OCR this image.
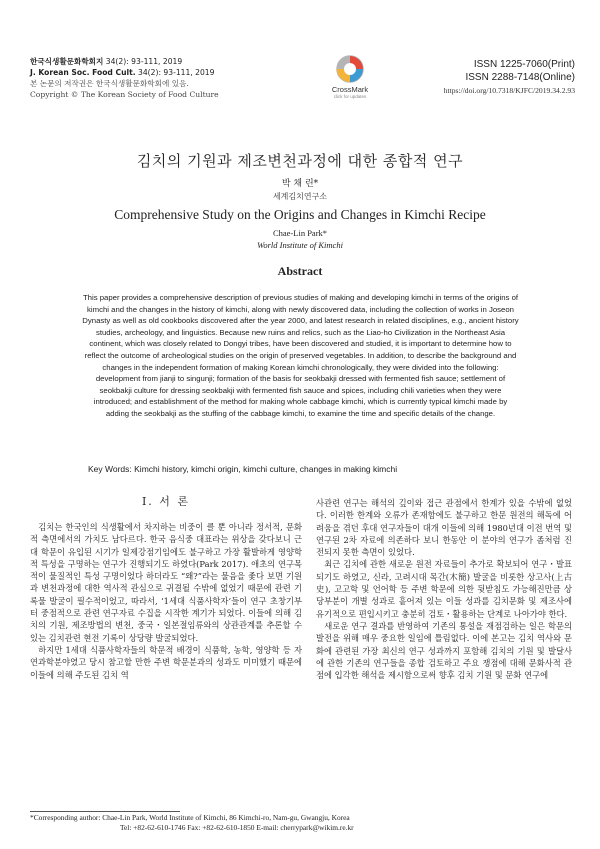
한국식생활문화학회지 34(2): 93-111, 2019
J. Korean Soc. Food Cult. 34(2): 93-111, 2019
본 논문의 저작권은 한국식생활문화학회에 있음.
Copyright © The Korean Society of Food Culture
CrossMark
click for updates
ISSN 1225-7060(Print)
ISSN 2288-7148(Online)
https://doi.org/10.7318/KJFC/2019.34.2.93
김치의 기원과 제조변천과정에 대한 종합적 연구
박 채 린*
세계김치연구소
Comprehensive Study on the Origins and Changes in Kimchi Recipe
Chae-Lin Park*
World Institute of Kimchi
Abstract
This paper provides a comprehensive description of previous studies of making and developing kimchi in terms of the origins of kimchi and the changes in the history of kimchi, along with newly discovered data, including the collection of works in Joseon Dynasty as well as old cookbooks discovered after the year 2000, and latest research in related disciplines, e.g., ancient history studies, archeology, and linguistics. Because new ruins and relics, such as the Liao-ho Civilization in the Northeast Asia continent, which was closely related to Dongyi tribes, have been discovered and studied, it is important to determine how to reflect the outcome of archeological studies on the origin of preserved vegetables. In addition, to describe the background and changes in the independent formation of making Korean kimchi chronologically, they were divided into the following: development from jianji to singunji; formation of the basis for seokbakji dressed with fermented fish sauce; settlement of seokbakji culture for dressing seokbakji with fermented fish sauce and spices, including chili varieties when they were introduced; and establishment of the method for making whole cabbage kimchi, which is currently typical kimchi made by adding the seokbakji as the stuffing of the cabbage kimchi, to examine the time and specific details of the change.
Key Words: Kimchi history, kimchi origin, kimchi culture, changes in making kimchi
Ⅰ. 서 론

김치는 한국인의 식생활에서 차지하는 비중이 클 뿐 아니라 정서적, 문화적 측면에서의 가치도 남다르다. 한국 음식중 대표라는 위상을 갖다보니 근대 학문이 유입된 시기가 일제강점기임에도 불구하고 가장 활발하게 영양학적 특성을 구명하는 연구가 진행되기도 하였다(Park 2017). 애초의 연구목적이 물질적인 특성 구명이었다 하더라도 “왜?”라는 물음을 좇다 보면 기원과 변천과정에 대한 역사적 관심으로 귀결될 수밖에 없었기 때문에 관련 기록물 발굴이 필수적이었고, 따라서, ‘1세대 식품사학자’들이 연구 초창기부터 중점적으로 관련 연구자료 수집을 시작한 계기가 되었다. 이들에 의해 김치의 기원, 제조방법의 변천, 중국・일본절임류와의 상관관계를 추론할 수 있는 김치관련 현전 기록이 상당량 발굴되었다.

하지만 1세대 식품사학자들의 학문적 배경이 식품학, 농학, 영양학 등 자연과학분야였고 당시 참고할 만한 주변 학문분과의 성과도 미미했기 때문에 이들에 의해 주도된 김치 역

사관련 연구는 해석의 깊이와 접근 관점에서 한계가 있을 수밖에 없었다. 이러한 한계와 오류가 존재함에도 불구하고 한문 원전의 해독에 어려움을 겪던 후대 연구자들이 대개 이들에 의해 1980년대 이전 번역 및 연구된 2차 자료에 의존하다 보니 한동안 이 분야의 연구가 좀처럼 진전되지 못한 측면이 있었다.

최근 김치에 관한 새로운 원전 자료들이 추가로 확보되어 연구・발표되기도 하였고, 신라, 고려시대 목간(木簡) 발굴을 비롯한 상고사(上古史), 고고학 및 언어학 등 주변 학문에 의한 뒷받침도 가능해진만큼 상당부분이 개별 성과로 흩어져 있는 이들 성과를 김치문화 및 제조사에 유기적으로 편입시키고 충분히 검토・활용하는 단계로 나아가야 한다.

새로운 연구 결과를 반영하여 기존의 통설을 재점검하는 일은 학문의 발전을 위해 매우 중요한 일임에 틀림없다. 이에 본고는 김치 역사와 문화에 관련된 가장 최신의 연구 성과까지 포함해 김치의 기원 및 발달사에 관한 기존의 연구들을 종합 검토하고 주요 쟁점에 대해 문화사적 관점에 입각한 해석을 제시함으로써 향후 김치 기원 및 문화 연구에

*Corresponding author: Chae-Lin Park, World Institute of Kimchi, 86 Kimchi-ro, Nam-gu, Gwangju, Korea
Tel: +82-62-610-1746 Fax: +82-62-610-1850 E-mail: cherrypark@wikim.re.kr
